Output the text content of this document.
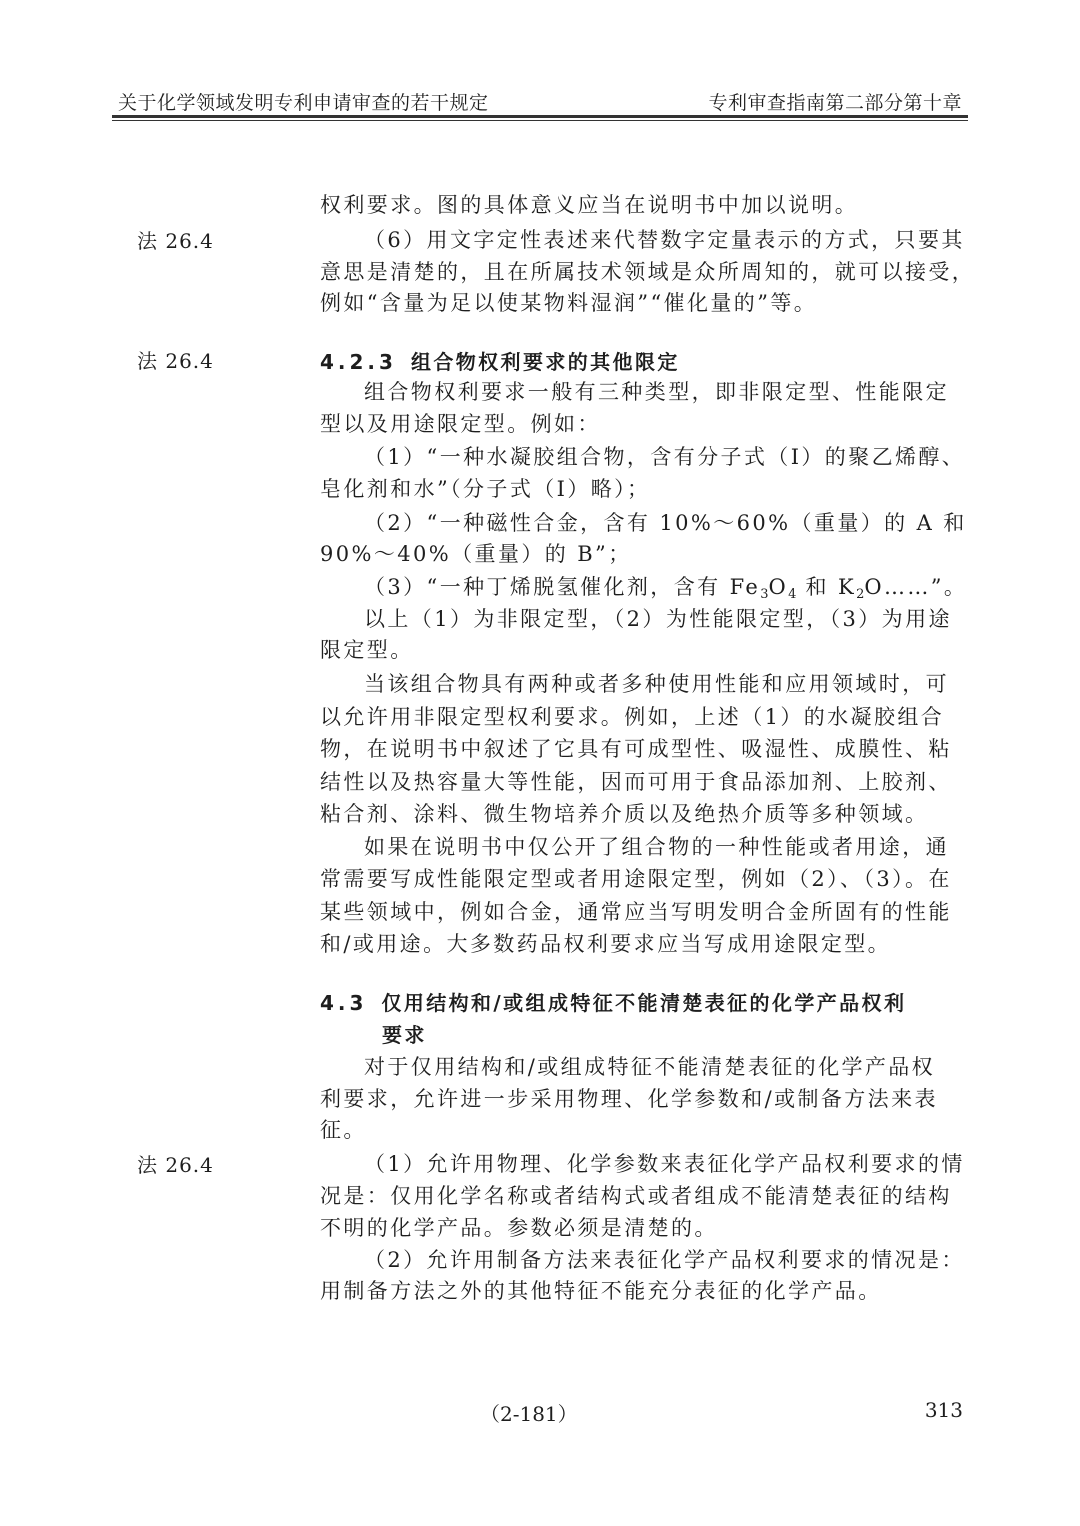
关于化学领域发明专利申请审查的若干规定	专利审查指南第二部分第十章
法 26.4
法 26.4
法 26.4
权利要求。图的具体意义应当在说明书中加以说明。
（6）用文字定性表述来代替数字定量表示的方式，只要其
意思是清楚的，且在所属技术领域是众所周知的，就可以接受，
例如“含量为足以使某物料湿润”“催化量的”等。
4.2.3 组合物权利要求的其他限定
组合物权利要求一般有三种类型，即非限定型、性能限定
型以及用途限定型。例如：
（1）“一种水凝胶组合物，含有分子式（Ⅰ）的聚乙烯醇、
皂化剂和水”（分子式（Ⅰ）略）；
（2）“一种磁性合金，含有 10%～60%（重量）的 A 和
90%～40%（重量）的 B”；
（3）“一种丁烯脱氢催化剂，含有 $Fe_3O_4$ 和 $K_2O\dots\dots$”。
以上（1）为非限定型，（2）为性能限定型，（3）为用途
限定型。
当该组合物具有两种或者多种使用性能和应用领域时，可
以允许用非限定型权利要求。例如，上述（1）的水凝胶组合
物，在说明书中叙述了它具有可成型性、吸湿性、成膜性、粘
结性以及热容量大等性能，因而可用于食品添加剂、上胶剂、
粘合剂、涂料、微生物培养介质以及绝热介质等多种领域。
如果在说明书中仅公开了组合物的一种性能或者用途，通
常需要写成性能限定型或者用途限定型，例如（2）、（3）。在
某些领域中，例如合金，通常应当写明发明合金所固有的性能
和/或用途。大多数药品权利要求应当写成用途限定型。
4.3 仅用结构和/或组成特征不能清楚表征的化学产品权利
要求
对于仅用结构和/或组成特征不能清楚表征的化学产品权
利要求，允许进一步采用物理、化学参数和/或制备方法来表
征。
（1）允许用物理、化学参数来表征化学产品权利要求的情
况是：仅用化学名称或者结构式或者组成不能清楚表征的结构
不明的化学产品。参数必须是清楚的。
（2）允许用制备方法来表征化学产品权利要求的情况是：
用制备方法之外的其他特征不能充分表征的化学产品。
（2-181）	313
